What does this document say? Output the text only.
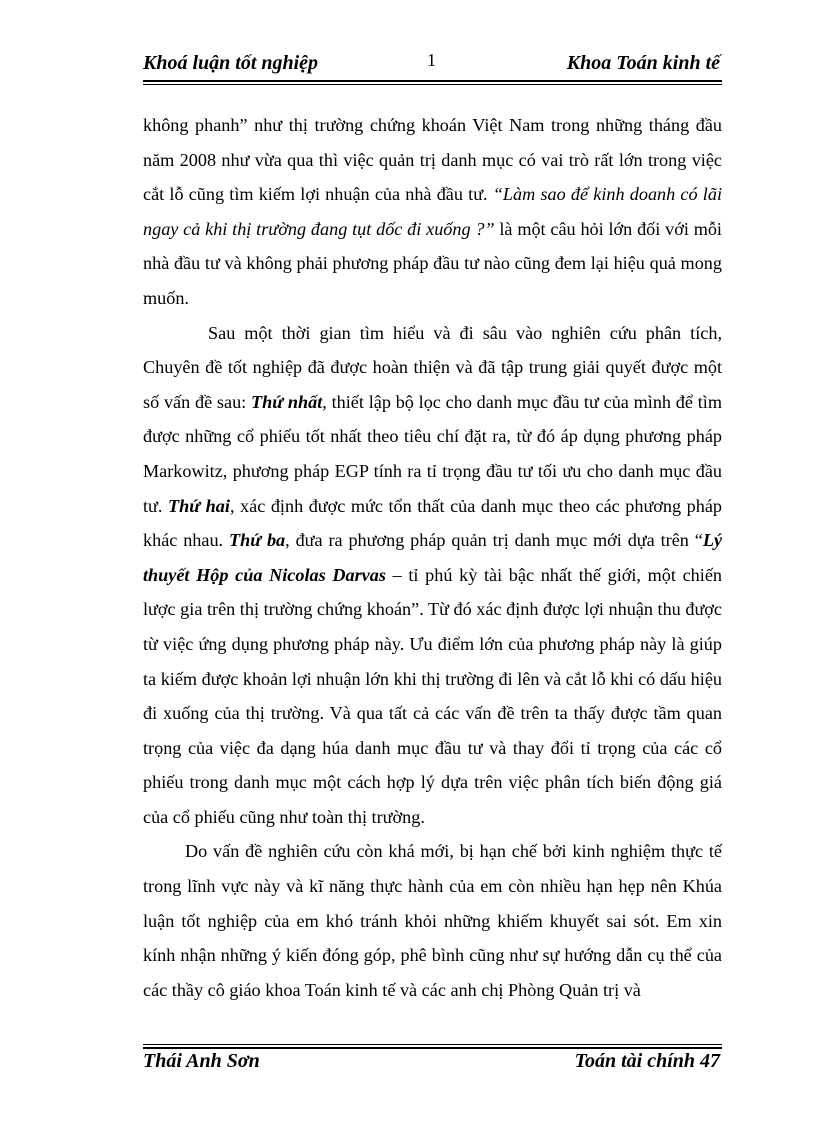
Khoá luận tốt nghiệp	1	Khoa Toán kinh tế

không phanh” như thị trường chứng khoán Việt Nam trong những tháng đầu năm 2008 như vừa qua thì việc quản trị danh mục có vai trò rất lớn trong việc cắt lỗ cũng tìm kiếm lợi nhuận của nhà đầu tư. “Làm sao để kinh doanh có lãi ngay cả khi thị trường đang tụt dốc đi xuống ?” là một câu hỏi lớn đối với mỗi nhà đầu tư và không phải phương pháp đầu tư nào cũng đem lại hiệu quả mong muốn.

Sau một thời gian tìm hiểu và đi sâu vào nghiên cứu phân tích, Chuyên đề tốt nghiệp đã được hoàn thiện và đã tập trung giải quyết được một số vấn đề sau: Thứ nhất, thiết lập bộ lọc cho danh mục đầu tư của mình để tìm được những cổ phiếu tốt nhất theo tiêu chí đặt ra, từ đó áp dụng phương pháp Markowitz, phương pháp EGP tính ra tỉ trọng đầu tư tối ưu cho danh mục đầu tư. Thứ hai, xác định được mức tổn thất của danh mục theo các phương pháp khác nhau. Thứ ba, đưa ra phương pháp quản trị danh mục mới dựa trên “Lý thuyết Hộp của Nicolas Darvas – tỉ phú kỳ tài bậc nhất thế giới, một chiến lược gia trên thị trường chứng khoán”. Từ đó xác định được lợi nhuận thu được từ việc ứng dụng phương pháp này. Ưu điểm lớn của phương pháp này là giúp ta kiếm được khoản lợi nhuận lớn khi thị trường đi lên và cắt lỗ khi có dấu hiệu đi xuống của thị trường. Và qua tất cả các vấn đề trên ta thấy được tầm quan trọng của việc đa dạng húa danh mục đầu tư và thay đổi tỉ trọng của các cổ phiếu trong danh mục một cách hợp lý dựa trên việc phân tích biến động giá của cổ phiếu cũng như toàn thị trường.

Do vấn đề nghiên cứu còn khá mới, bị hạn chế bởi kinh nghiệm thực tế trong lĩnh vực này và kĩ năng thực hành của em còn nhiều hạn hẹp nên Khúa luận tốt nghiệp của em khó tránh khỏi những khiếm khuyết sai sót. Em xin kính nhận những ý kiến đóng góp, phê bình cũng như sự hướng dẫn cụ thể của các thầy cô giáo khoa Toán kinh tế và các anh chị Phòng Quản trị và

Thái Anh Sơn	Toán tài chính 47
